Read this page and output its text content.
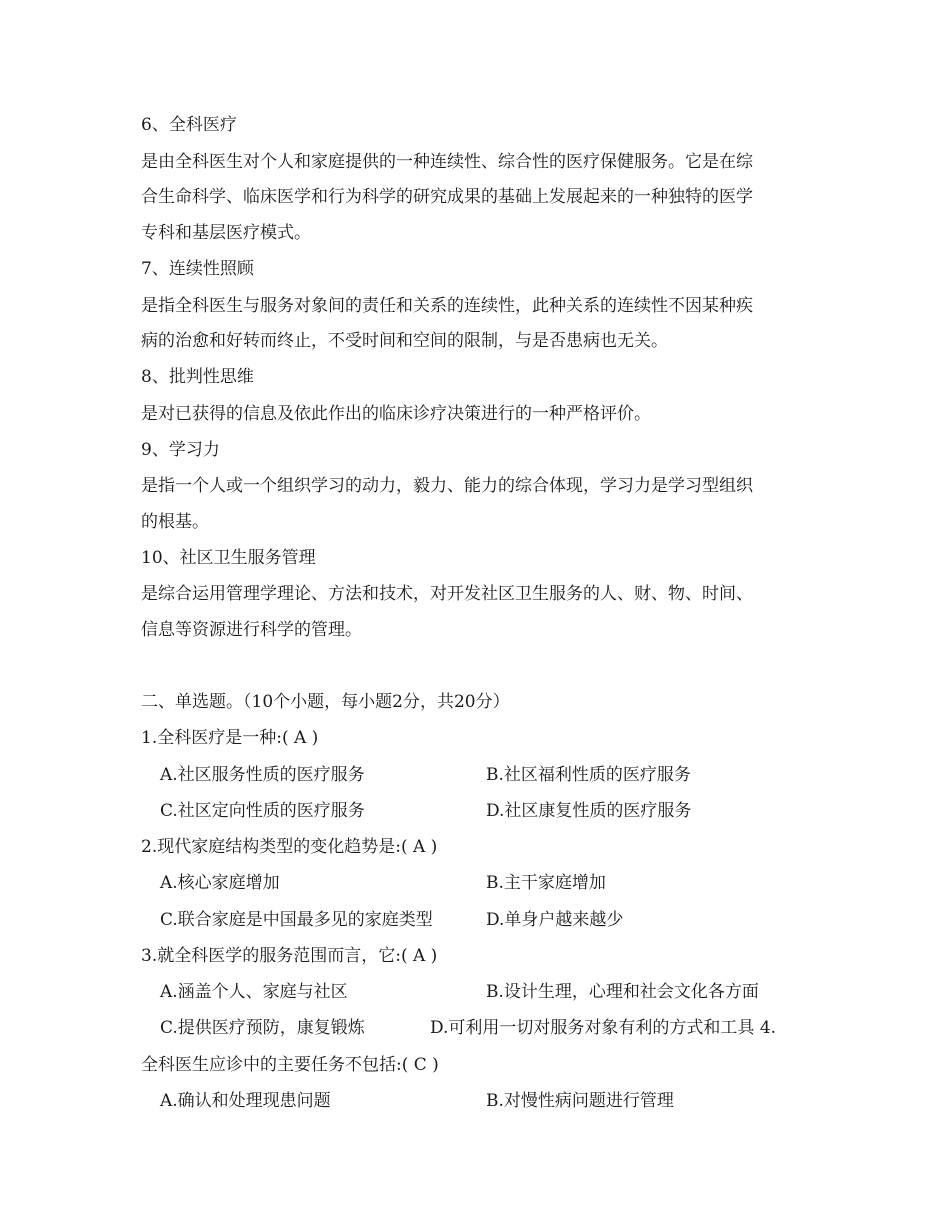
6、全科医疗
是由全科医生对个人和家庭提供的一种连续性、综合性的医疗保健服务。它是在综
合生命科学、临床医学和行为科学的研究成果的基础上发展起来的一种独特的医学
专科和基层医疗模式。
7、连续性照顾
是指全科医生与服务对象间的责任和关系的连续性，此种关系的连续性不因某种疾
病的治愈和好转而终止，不受时间和空间的限制，与是否患病也无关。
8、批判性思维
是对已获得的信息及依此作出的临床诊疗决策进行的一种严格评价。
9、学习力
是指一个人或一个组织学习的动力，毅力、能力的综合体现，学习力是学习型组织
的根基。
10、社区卫生服务管理
是综合运用管理学理论、方法和技术，对开发社区卫生服务的人、财、物、时间、
信息等资源进行科学的管理。
二、单选题。（10个小题，每小题2分，共20分）
1.全科医疗是一种:( A )
A.社区服务性质的医疗服务	B.社区福利性质的医疗服务
C.社区定向性质的医疗服务	D.社区康复性质的医疗服务
2.现代家庭结构类型的变化趋势是:( A )
A.核心家庭增加	B.主干家庭增加
C.联合家庭是中国最多见的家庭类型	D.单身户越来越少
3.就全科医学的服务范围而言，它:( A )
A.涵盖个人、家庭与社区	B.设计生理，心理和社会文化各方面
C.提供医疗预防，康复锻炼	D.可利用一切对服务对象有利的方式和工具 4.
全科医生应诊中的主要任务不包括:( C )
A.确认和处理现患问题	B.对慢性病问题进行管理
